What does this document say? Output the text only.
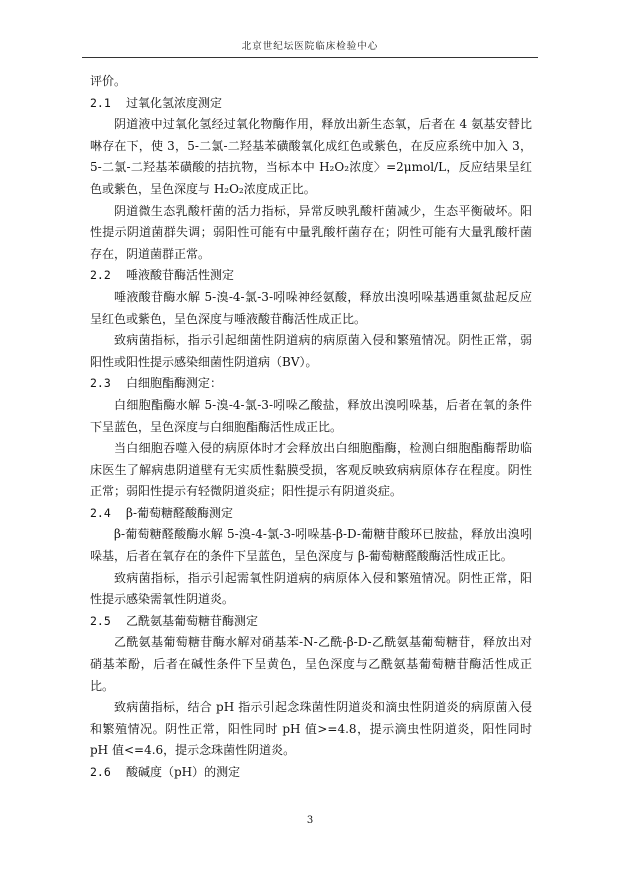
北京世纪坛医院临床检验中心

评价。

2.1 过氧化氢浓度测定

阴道液中过氧化氢经过氧化物酶作用，释放出新生态氧，后者在 4 氨基安替比啉存在下，使 3，5-二氯-二羟基苯磺酸氧化成红色或紫色，在反应系统中加入 3，5-二氯-二羟基苯磺酸的拮抗物，当标本中 H₂O₂浓度〉=2μmol/L，反应结果呈红色或紫色，呈色深度与 H₂O₂浓度成正比。

阴道微生态乳酸杆菌的活力指标，异常反映乳酸杆菌减少，生态平衡破坏。阳性提示阴道菌群失调；弱阳性可能有中量乳酸杆菌存在；阴性可能有大量乳酸杆菌存在，阴道菌群正常。

2.2 唾液酸苷酶活性测定

唾液酸苷酶水解 5-溴-4-氯-3-吲哚神经氨酸，释放出溴吲哚基遇重氮盐起反应呈红色或紫色，呈色深度与唾液酸苷酶活性成正比。

致病菌指标，指示引起细菌性阴道病的病原菌入侵和繁殖情况。阴性正常，弱阳性或阳性提示感染细菌性阴道病（BV）。

2.3 白细胞酯酶测定：

白细胞酯酶水解 5-溴-4-氯-3-吲哚乙酸盐，释放出溴吲哚基，后者在氧的条件下呈蓝色，呈色深度与白细胞酯酶活性成正比。

当白细胞吞噬入侵的病原体时才会释放出白细胞酯酶，检测白细胞酯酶帮助临床医生了解病患阴道壁有无实质性黏膜受损，客观反映致病病原体存在程度。阴性正常；弱阳性提示有轻微阴道炎症；阳性提示有阴道炎症。

2.4 β-葡萄糖醛酸酶测定

β-葡萄糖醛酸酶水解 5-溴-4-氯-3-吲哚基-β-D-葡糖苷酸环已胺盐，释放出溴吲哚基，后者在氧存在的条件下呈蓝色，呈色深度与 β-葡萄糖醛酸酶活性成正比。

致病菌指标，指示引起需氧性阴道病的病原体入侵和繁殖情况。阴性正常，阳性提示感染需氧性阴道炎。

2.5 乙酰氨基葡萄糖苷酶测定

乙酰氨基葡萄糖苷酶水解对硝基苯-N-乙酰-β-D-乙酰氨基葡萄糖苷，释放出对硝基苯酚，后者在碱性条件下呈黄色，呈色深度与乙酰氨基葡萄糖苷酶活性成正比。

致病菌指标，结合 pH 指示引起念珠菌性阴道炎和滴虫性阴道炎的病原菌入侵和繁殖情况。阴性正常，阳性同时 pH 值>=4.8，提示滴虫性阴道炎，阳性同时 pH 值<=4.6，提示念珠菌性阴道炎。

2.6 酸碱度（pH）的测定

3
